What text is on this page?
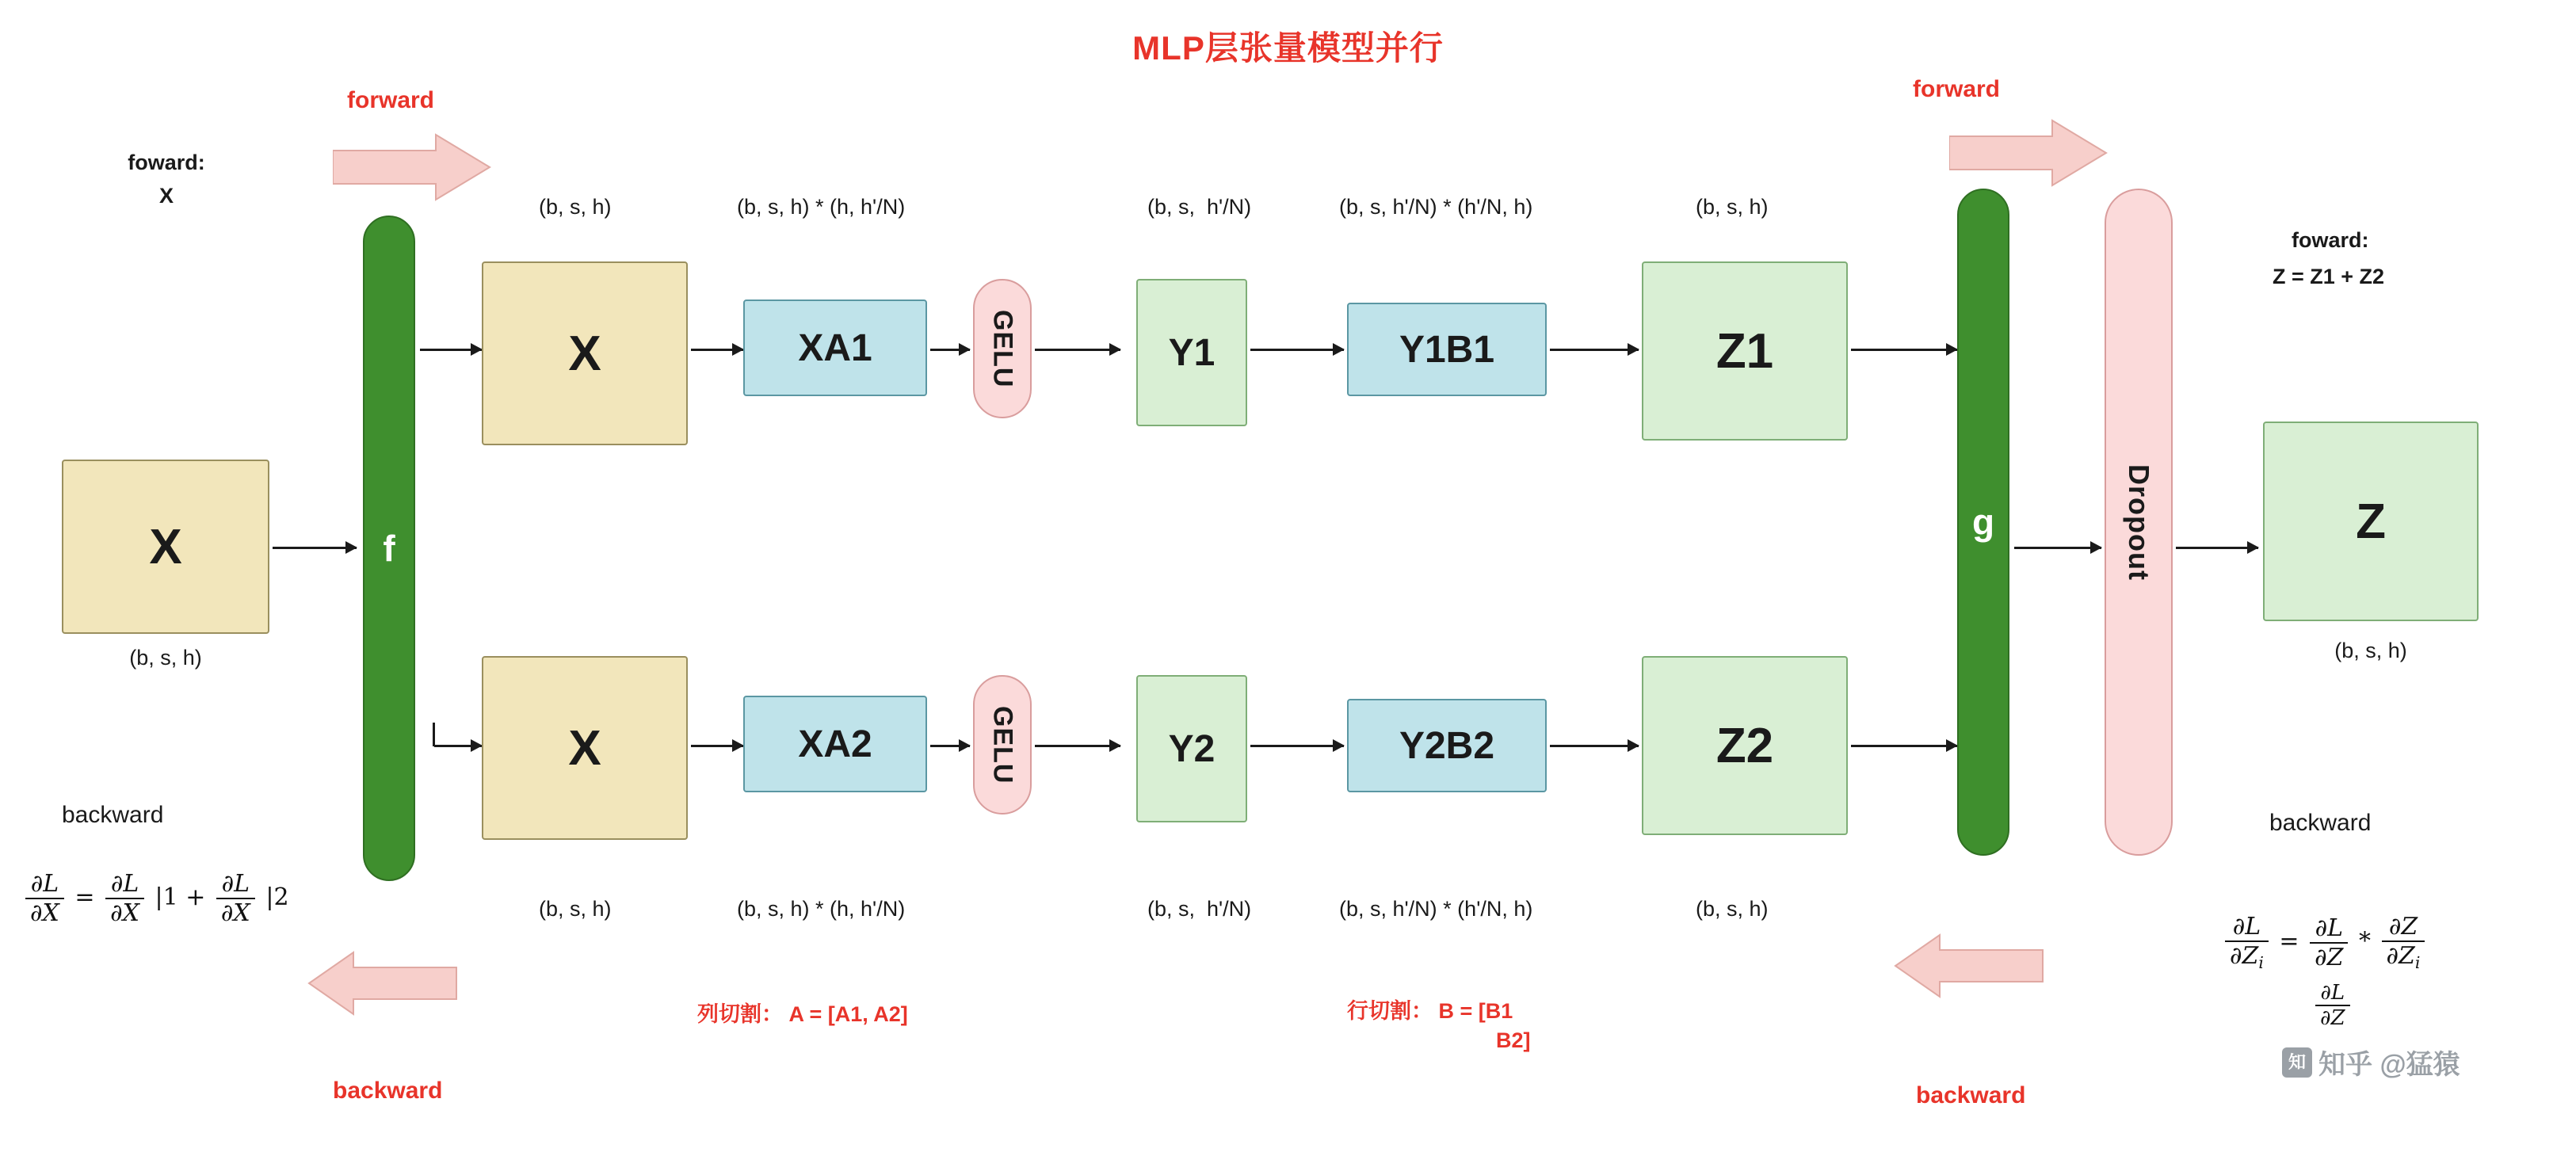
MLP层张量模型并行
forward
foward:
X
X
(b, s, h)
f
backward
$\frac{\partial L}{\partial X} = \frac{\partial L}{\partial X} |1 + \frac{\partial L}{\partial X} |2$
backward
(b, s, h)	(b, s, h) * (h, h'/N)	(b, s,  h'/N)	(b, s, h'/N) * (h'/N, h)	(b, s, h)
X	XA1	GELU	Y1	Y1B1	Z1
X	XA2	GELU	Y2	Y2B2	Z2
(b, s, h)	(b, s, h) * (h, h'/N)	(b, s,  h'/N)	(b, s, h'/N) * (h'/N, h)	(b, s, h)
列切割： A = [A1, A2]	行切割： B = [B1
B2]
forward
g	Dropout	Z
(b, s, h)
foward:
Z = Z1 + Z2
backward
backward
$\frac{\partial L}{\partial Z_i} = \frac{\partial L}{\partial Z} * \frac{\partial Z}{\partial Z_i}$
$\frac{\partial L}{\partial Z}$
知 知乎 @猛猿
